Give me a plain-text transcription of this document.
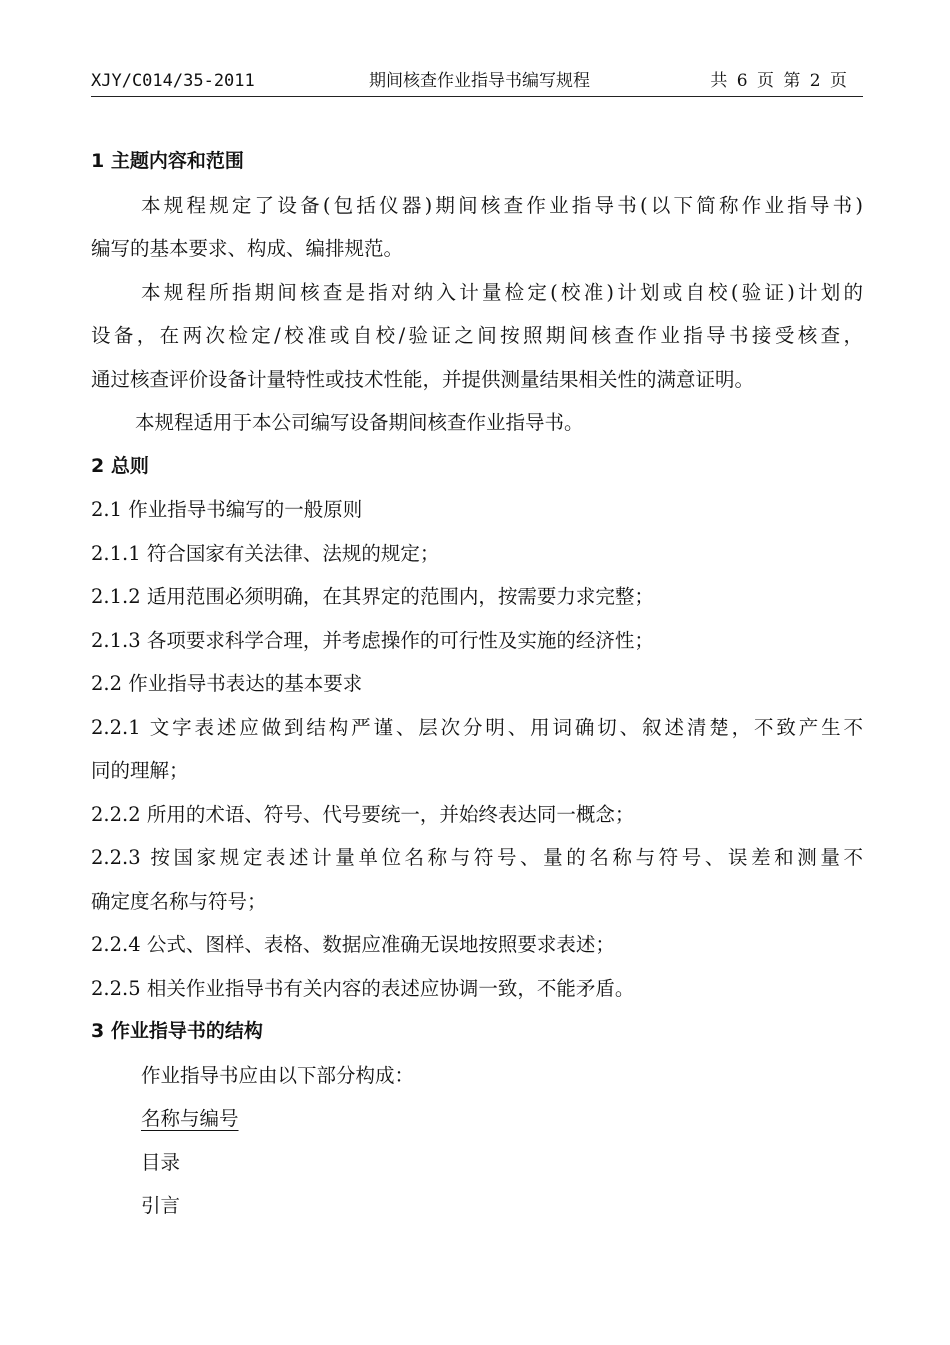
XJY/C014/35-2011	期间核查作业指导书编写规程	共 6 页 第 2 页
1 主题内容和范围
本规程规定了设备(包括仪器)期间核查作业指导书(以下简称作业指导书)
编写的基本要求、构成、编排规范。
本规程所指期间核查是指对纳入计量检定(校准)计划或自校(验证)计划的
设备，在两次检定/校准或自校/验证之间按照期间核查作业指导书接受核查，
通过核查评价设备计量特性或技术性能，并提供测量结果相关性的满意证明。
本规程适用于本公司编写设备期间核查作业指导书。
2 总则
2.1 作业指导书编写的一般原则
2.1.1 符合国家有关法律、法规的规定；
2.1.2 适用范围必须明确，在其界定的范围内，按需要力求完整；
2.1.3 各项要求科学合理，并考虑操作的可行性及实施的经济性；
2.2 作业指导书表达的基本要求
2.2.1 文字表述应做到结构严谨、层次分明、用词确切、叙述清楚，不致产生不
同的理解；
2.2.2 所用的术语、符号、代号要统一，并始终表达同一概念；
2.2.3 按国家规定表述计量单位名称与符号、量的名称与符号、误差和测量不
确定度名称与符号；
2.2.4 公式、图样、表格、数据应准确无误地按照要求表述；
2.2.5 相关作业指导书有关内容的表述应协调一致，不能矛盾。
3 作业指导书的结构
作业指导书应由以下部分构成：
名称与编号
目录
引言
